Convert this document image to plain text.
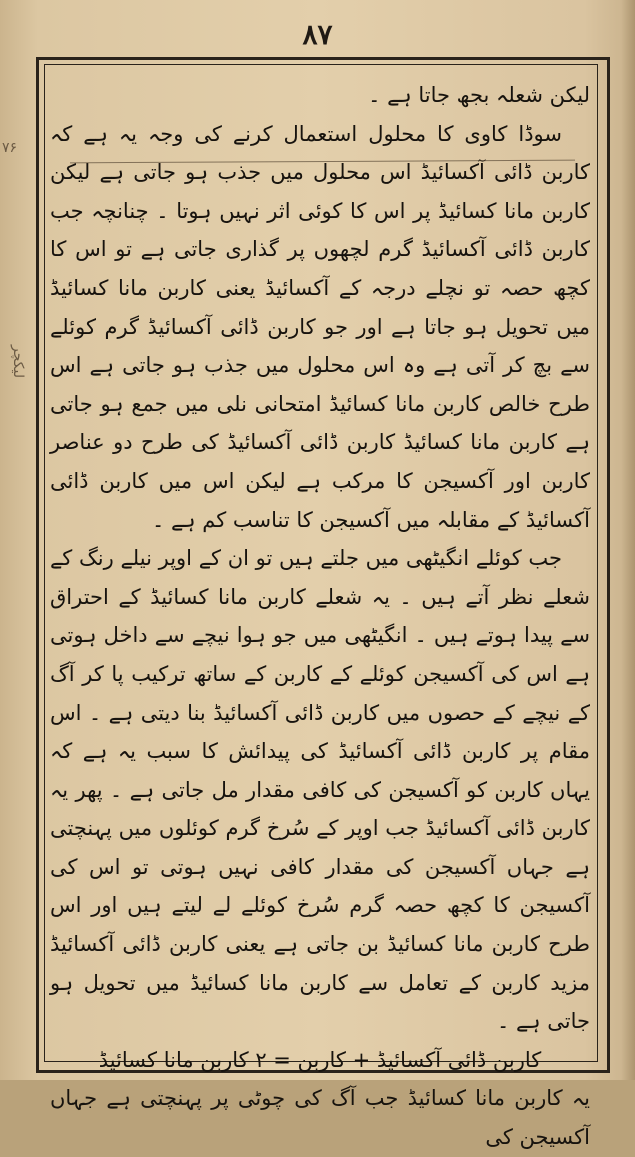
۸۷
۷۶
لیکچر

لیکن شعلہ بجھ جاتا ہے ۔

سوڈا کاوی کا محلول استعمال کرنے کی وجہ یہ ہے کہ کاربن ڈائی آکسائیڈ اس محلول میں جذب ہو جاتی ہے لیکن کاربن مانا کسائیڈ پر اس کا کوئی اثر نہیں ہوتا ۔ چنانچہ جب کاربن ڈائی آکسائیڈ گرم لچھوں پر گذاری جاتی ہے تو اس کا کچھ حصہ تو نچلے درجہ کے آکسائیڈ یعنی کاربن مانا کسائیڈ میں تحویل ہو جاتا ہے اور جو کاربن ڈائی آکسائیڈ گرم کوئلے سے بچ کر آتی ہے وہ اس محلول میں جذب ہو جاتی ہے اس طرح خالص کاربن مانا کسائیڈ امتحانی نلی میں جمع ہو جاتی ہے کاربن مانا کسائیڈ کاربن ڈائی آکسائیڈ کی طرح دو عناصر کاربن اور آکسیجن کا مرکب ہے لیکن اس میں کاربن ڈائی آکسائیڈ کے مقابلہ میں آکسیجن کا تناسب کم ہے ۔

جب کوئلے انگیٹھی میں جلتے ہیں تو ان کے اوپر نیلے رنگ کے شعلے نظر آتے ہیں ۔ یہ شعلے کاربن مانا کسائیڈ کے احتراق سے پیدا ہوتے ہیں ۔ انگیٹھی میں جو ہوا نیچے سے داخل ہوتی ہے اس کی آکسیجن کوئلے کے کاربن کے ساتھ ترکیب پا کر آگ کے نیچے کے حصوں میں کاربن ڈائی آکسائیڈ بنا دیتی ہے ۔ اس مقام پر کاربن ڈائی آکسائیڈ کی پیدائش کا سبب یہ ہے کہ یہاں کاربن کو آکسیجن کی کافی مقدار مل جاتی ہے ۔ پھر یہ کاربن ڈائی آکسائیڈ جب اوپر کے سُرخ گرم کوئلوں میں پہنچتی ہے جہاں آکسیجن کی مقدار کافی نہیں ہوتی تو اس کی آکسیجن کا کچھ حصہ گرم سُرخ کوئلے لے لیتے ہیں اور اس طرح کاربن مانا کسائیڈ بن جاتی ہے یعنی کاربن ڈائی آکسائیڈ مزید کاربن کے تعامل سے کاربن مانا کسائیڈ میں تحویل ہو جاتی ہے ۔

کاربن ڈائی آکسائیڈ + کاربن = ۲ کاربن مانا کسائیڈ

یہ کاربن مانا کسائیڈ جب آگ کی چوٹی پر پہنچتی ہے جہاں آکسیجن کی
